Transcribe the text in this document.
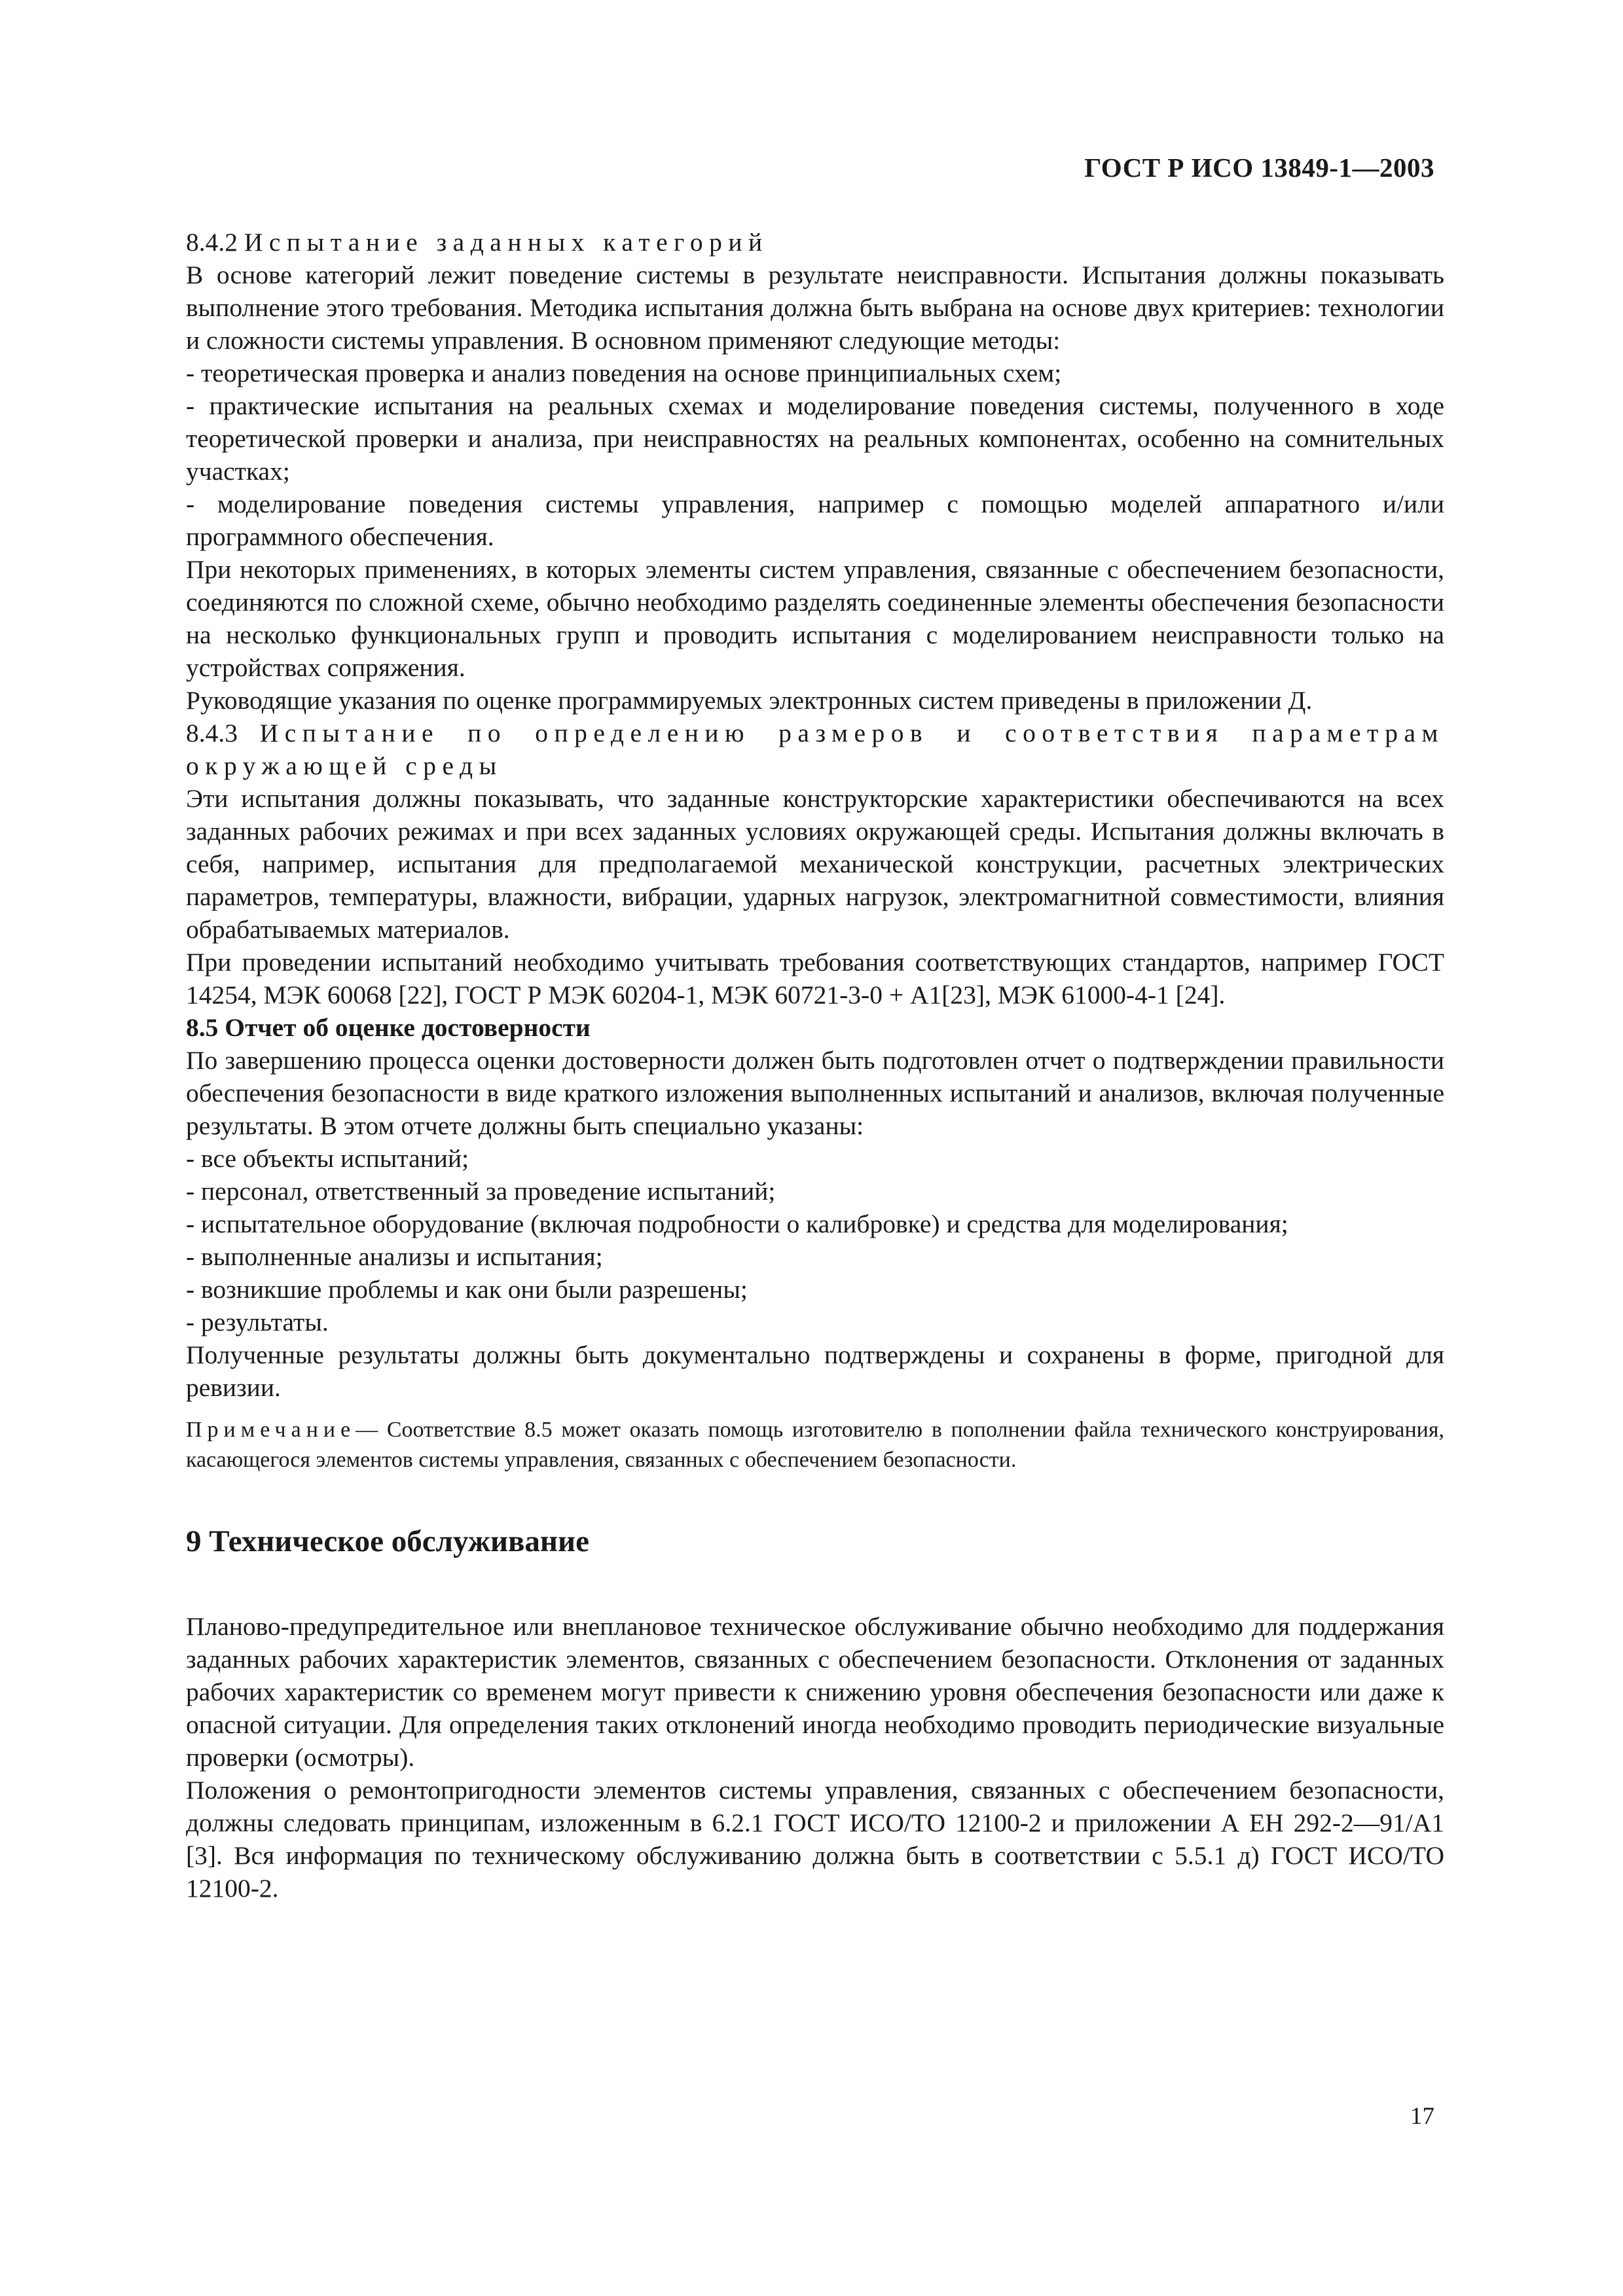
ГОСТ Р ИСО 13849-1—2003

8.4.2 Испытание заданных категорий

В основе категорий лежит поведение системы в результате неисправности. Испытания должны показывать выполнение этого требования. Методика испытания должна быть выбрана на основе двух критериев: технологии и сложности системы управления. В основном применяют следующие методы:

- теоретическая проверка и анализ поведения на основе принципиальных схем;

- практические испытания на реальных схемах и моделирование поведения системы, полученного в ходе теоретической проверки и анализа, при неисправностях на реальных компонентах, особенно на сомнительных участках;

- моделирование поведения системы управления, например с помощью моделей аппаратного и/или программного обеспечения.

При некоторых применениях, в которых элементы систем управления, связанные с обеспечением безопасности, соединяются по сложной схеме, обычно необходимо разделять соединенные элементы обеспечения безопасности на несколько функциональных групп и проводить испытания с моделированием неисправности только на устройствах сопряжения.

Руководящие указания по оценке программируемых электронных систем приведены в приложении Д.

8.4.3 Испытание по определению размеров и соответствия параметрам окружающей среды

Эти испытания должны показывать, что заданные конструкторские характеристики обеспечиваются на всех заданных рабочих режимах и при всех заданных условиях окружающей среды. Испытания должны включать в себя, например, испытания для предполагаемой механической конструкции, расчетных электрических параметров, температуры, влажности, вибрации, ударных нагрузок, электромагнитной совместимости, влияния обрабатываемых материалов.

При проведении испытаний необходимо учитывать требования соответствующих стандартов, например ГОСТ 14254, МЭК 60068 [22], ГОСТ Р МЭК 60204-1, МЭК 60721-3-0 + А1[23], МЭК 61000-4-1 [24].

8.5 Отчет об оценке достоверности

По завершению процесса оценки достоверности должен быть подготовлен отчет о подтверждении правильности обеспечения безопасности в виде краткого изложения выполненных испытаний и анализов, включая полученные результаты. В этом отчете должны быть специально указаны:

- все объекты испытаний;

- персонал, ответственный за проведение испытаний;

- испытательное оборудование (включая подробности о калибровке) и средства для моделирования;

- выполненные анализы и испытания;

- возникшие проблемы и как они были разрешены;

- результаты.

Полученные результаты должны быть документально подтверждены и сохранены в форме, пригодной для ревизии.

Примечание— Соответствие 8.5 может оказать помощь изготовителю в пополнении файла технического конструирования, касающегося элементов системы управления, связанных с обеспечением безопасности.

9 Техническое обслуживание

Планово-предупредительное или внеплановое техническое обслуживание обычно необходимо для поддержания заданных рабочих характеристик элементов, связанных с обеспечением безопасности. Отклонения от заданных рабочих характеристик со временем могут привести к снижению уровня обеспечения безопасности или даже к опасной ситуации. Для определения таких отклонений иногда необходимо проводить периодические визуальные проверки (осмотры).

Положения о ремонтопригодности элементов системы управления, связанных с обеспечением безопасности, должны следовать принципам, изложенным в 6.2.1 ГОСТ ИСО/ТО 12100-2 и приложении А ЕН 292-2—91/А1 [3]. Вся информация по техническому обслуживанию должна быть в соответствии с 5.5.1 д) ГОСТ ИСО/ТО 12100-2.

17
